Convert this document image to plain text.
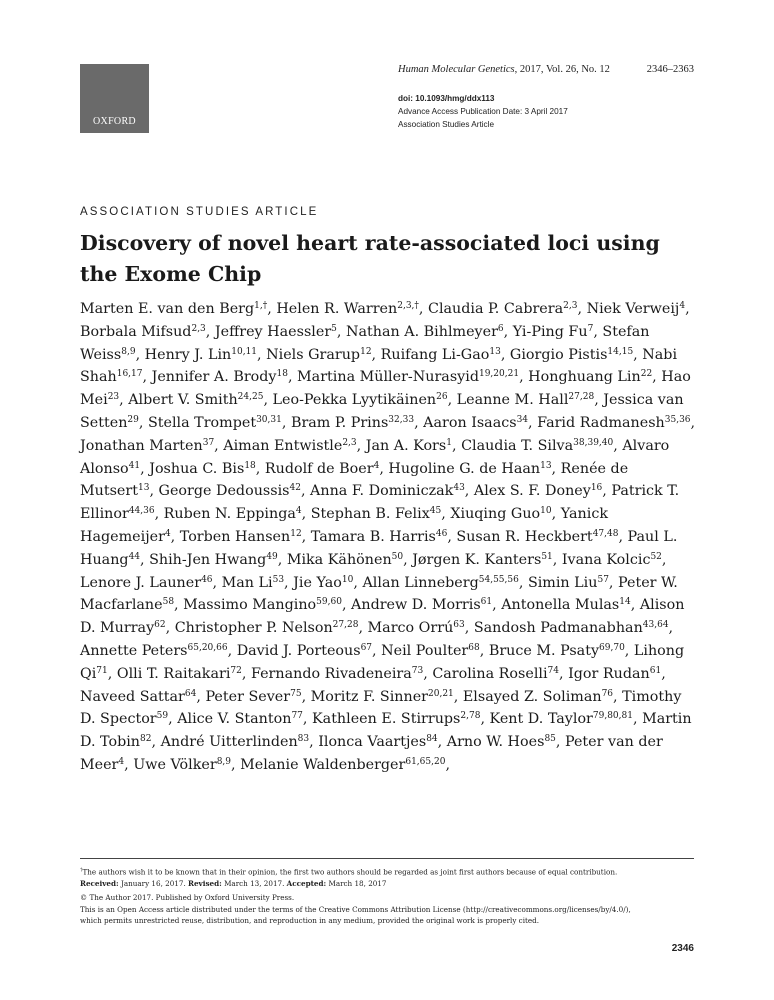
OXFORD
Human Molecular Genetics, 2017, Vol. 26, No. 12	2346–2363
doi: 10.1093/hmg/ddx113
Advance Access Publication Date: 3 April 2017
Association Studies Article
ASSOCIATION STUDIES ARTICLE
Discovery of novel heart rate-associated loci using the Exome Chip

Marten E. van den Berg$^{1,\dagger}$, Helen R. Warren$^{2,3,\dagger}$, Claudia P. Cabrera$^{2,3}$, Niek Verweij$^4$, Borbala Mifsud$^{2,3}$, Jeffrey Haessler$^5$, Nathan A. Bihlmeyer$^6$, Yi-Ping Fu$^7$, Stefan Weiss$^{8,9}$, Henry J. Lin$^{10,11}$, Niels Grarup$^{12}$, Ruifang Li-Gao$^{13}$, Giorgio Pistis$^{14,15}$, Nabi Shah$^{16,17}$, Jennifer A. Brody$^{18}$, Martina Müller-Nurasyid$^{19,20,21}$, Honghuang Lin$^{22}$, Hao Mei$^{23}$, Albert V. Smith$^{24,25}$, Leo-Pekka Lyytikäinen$^{26}$, Leanne M. Hall$^{27,28}$, Jessica van Setten$^{29}$, Stella Trompet$^{30,31}$, Bram P. Prins$^{32,33}$, Aaron Isaacs$^{34}$, Farid Radmanesh$^{35,36}$, Jonathan Marten$^{37}$, Aiman Entwistle$^{2,3}$, Jan A. Kors$^1$, Claudia T. Silva$^{38,39,40}$, Alvaro Alonso$^{41}$, Joshua C. Bis$^{18}$, Rudolf de Boer$^4$, Hugoline G. de Haan$^{13}$, Renée de Mutsert$^{13}$, George Dedoussis$^{42}$, Anna F. Dominiczak$^{43}$, Alex S. F. Doney$^{16}$, Patrick T. Ellinor$^{44,36}$, Ruben N. Eppinga$^4$, Stephan B. Felix$^{45}$, Xiuqing Guo$^{10}$, Yanick Hagemeijer$^4$, Torben Hansen$^{12}$, Tamara B. Harris$^{46}$, Susan R. Heckbert$^{47,48}$, Paul L. Huang$^{44}$, Shih-Jen Hwang$^{49}$, Mika Kähönen$^{50}$, Jørgen K. Kanters$^{51}$, Ivana Kolcic$^{52}$, Lenore J. Launer$^{46}$, Man Li$^{53}$, Jie Yao$^{10}$, Allan Linneberg$^{54,55,56}$, Simin Liu$^{57}$, Peter W. Macfarlane$^{58}$, Massimo Mangino$^{59,60}$, Andrew D. Morris$^{61}$, Antonella Mulas$^{14}$, Alison D. Murray$^{62}$, Christopher P. Nelson$^{27,28}$, Marco Orrú$^{63}$, Sandosh Padmanabhan$^{43,64}$, Annette Peters$^{65,20,66}$, David J. Porteous$^{67}$, Neil Poulter$^{68}$, Bruce M. Psaty$^{69,70}$, Lihong Qi$^{71}$, Olli T. Raitakari$^{72}$, Fernando Rivadeneira$^{73}$, Carolina Roselli$^{74}$, Igor Rudan$^{61}$, Naveed Sattar$^{64}$, Peter Sever$^{75}$, Moritz F. Sinner$^{20,21}$, Elsayed Z. Soliman$^{76}$, Timothy D. Spector$^{59}$, Alice V. Stanton$^{77}$, Kathleen E. Stirrups$^{2,78}$, Kent D. Taylor$^{79,80,81}$, Martin D. Tobin$^{82}$, André Uitterlinden$^{83}$, Ilonca Vaartjes$^{84}$, Arno W. Hoes$^{85}$, Peter van der Meer$^4$, Uwe Völker$^{8,9}$, Melanie Waldenberger$^{61,65,20}$,

†The authors wish it to be known that in their opinion, the first two authors should be regarded as joint first authors because of equal contribution.

Received: January 16, 2017. Revised: March 13, 2017. Accepted: March 18, 2017

© The Author 2017. Published by Oxford University Press.

This is an Open Access article distributed under the terms of the Creative Commons Attribution License (http://creativecommons.org/licenses/by/4.0/),

which permits unrestricted reuse, distribution, and reproduction in any medium, provided the original work is properly cited.

2346
